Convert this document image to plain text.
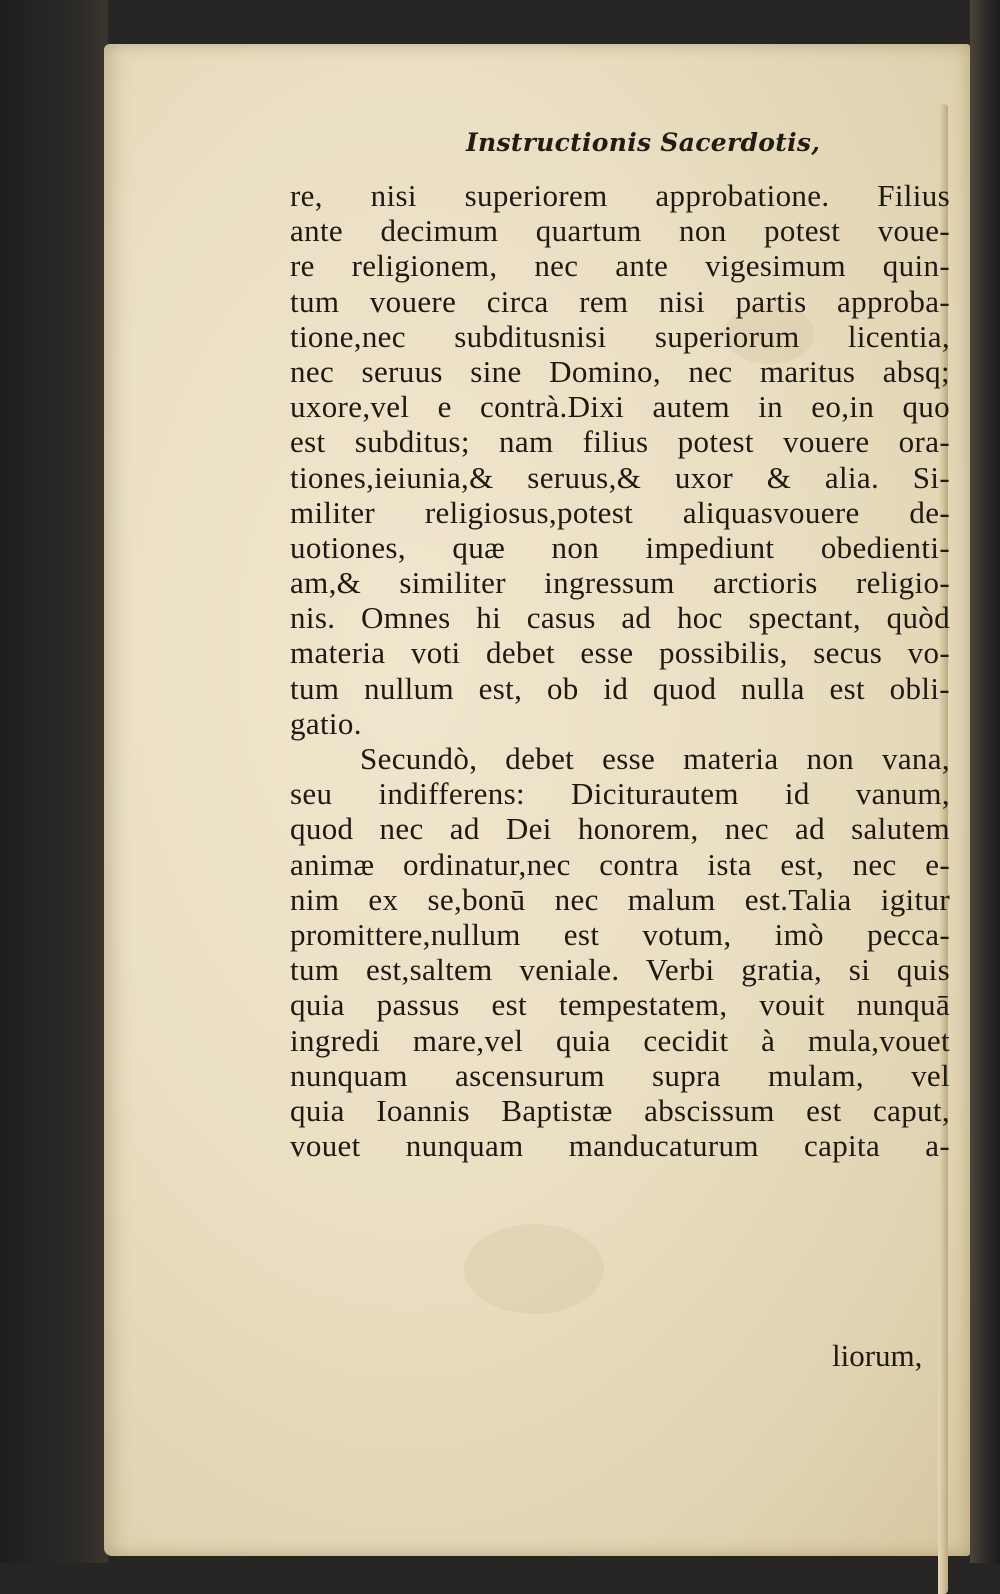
Instructionis Sacerdotis,
re, nisi superiorem approbatione. Filius
ante decimum quartum non potest voue-
re religionem, nec ante vigesimum quin-
tum vouere circa rem nisi partis approba-
tione,nec subditusnisi superiorum licentia,
nec seruus sine Domino, nec maritus absq;
uxore,vel e contrà.Dixi autem in eo,in quo
est subditus; nam filius potest vouere ora-
tiones,ieiunia,& seruus,& uxor & alia. Si-
militer religiosus,potest aliquasvouere de-
uotiones, quæ non impediunt obedienti-
am,& similiter ingressum arctioris religio-
nis. Omnes hi casus ad hoc spectant, quòd
materia voti debet esse possibilis, secus vo-
tum nullum est, ob id quod nulla est obli-
gatio.
Secundò, debet esse materia non vana,
seu indifferens: Diciturautem id vanum,
quod nec ad Dei honorem, nec ad salutem
animæ ordinatur,nec contra ista est, nec e-
nim ex se,bonū nec malum est.Talia igitur
promittere,nullum est votum, imò pecca-
tum est,saltem veniale. Verbi gratia, si quis
quia passus est tempestatem, vouit nunquā
ingredi mare,vel quia cecidit à mula,vouet
nunquam ascensurum supra mulam, vel
quia Ioannis Baptistæ abscissum est caput,
vouet nunquam manducaturum capita a-
liorum,
